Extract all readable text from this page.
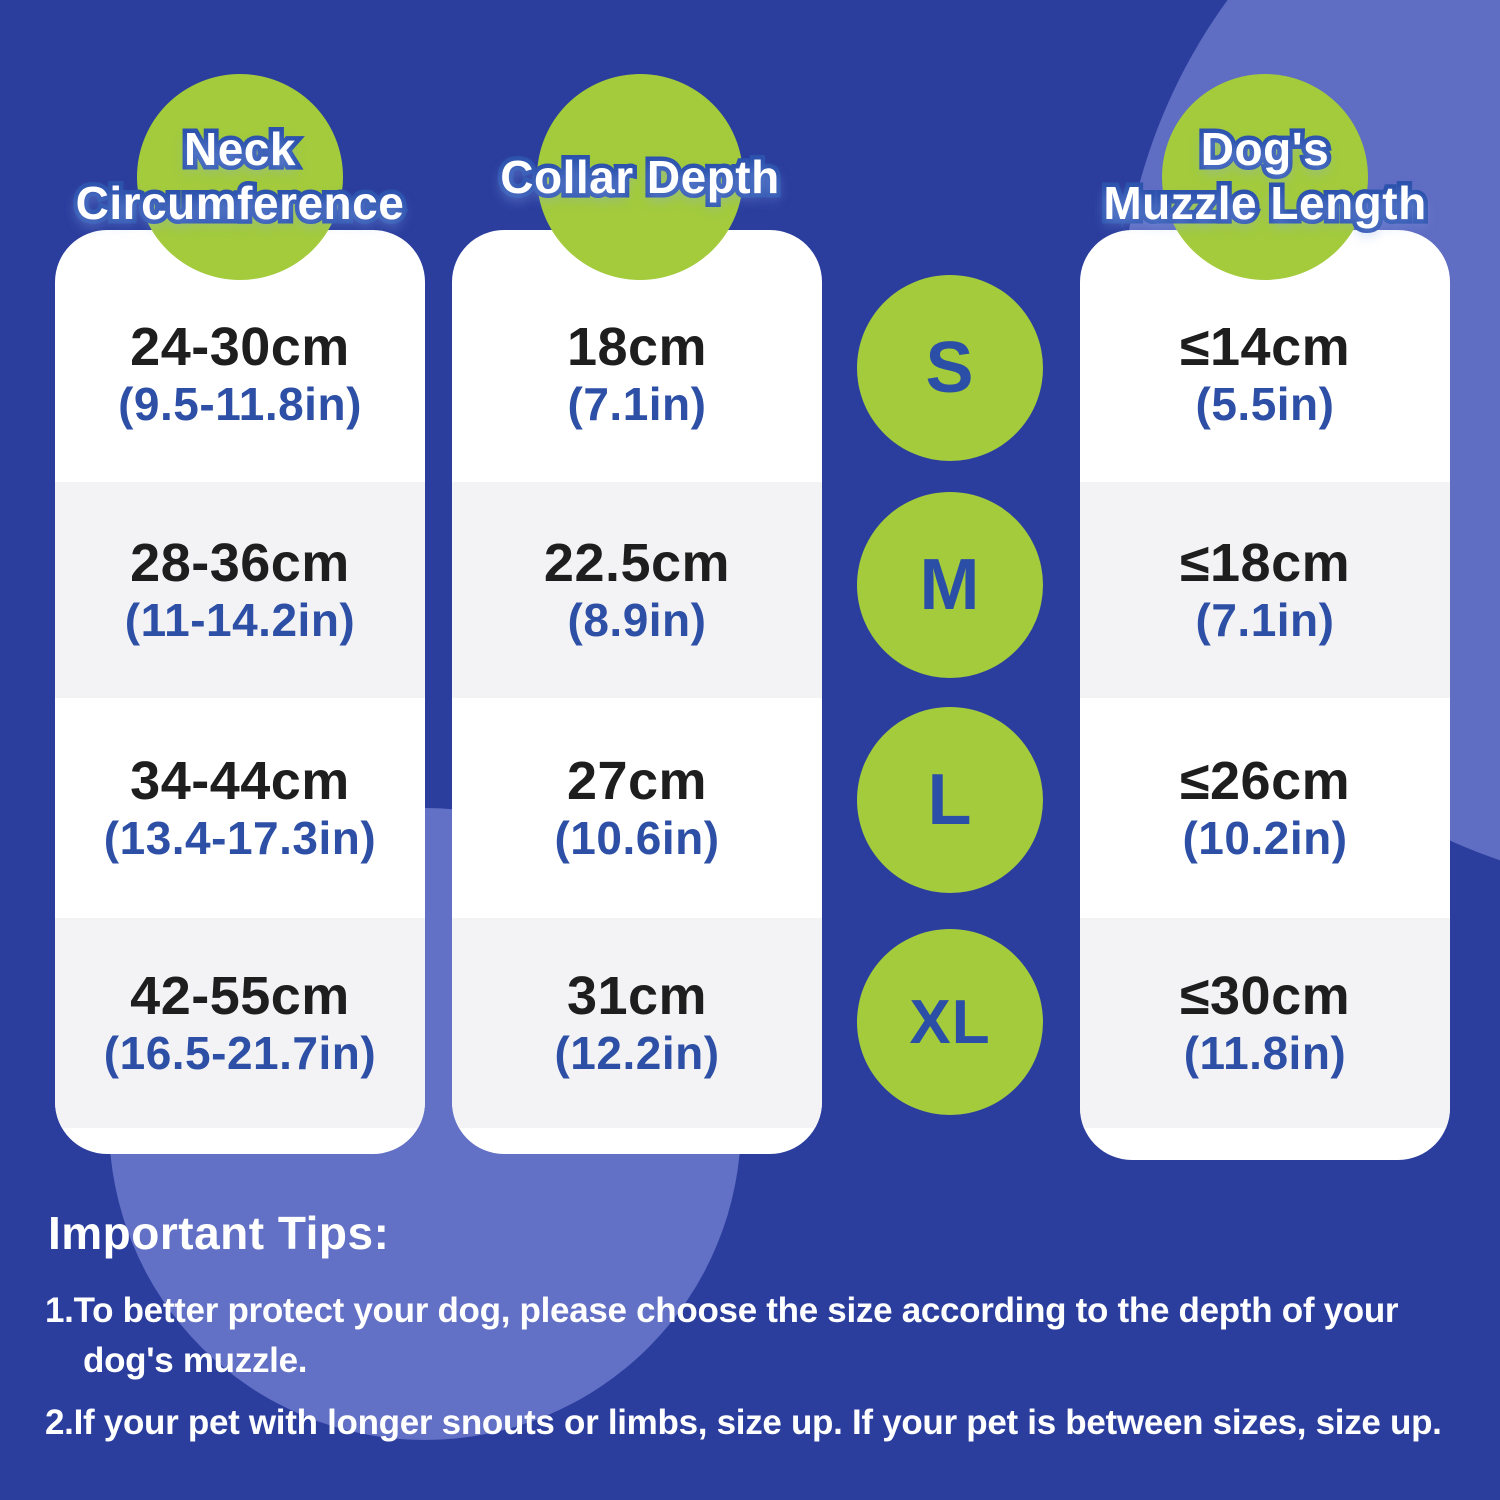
24-30cm
(9.5-11.8in)
28-36cm
(11-14.2in)
34-44cm
(13.4-17.3in)
42-55cm
(16.5-21.7in)
18cm
(7.1in)
22.5cm
(8.9in)
27cm
(10.6in)
31cm
(12.2in)
≤14cm
(5.5in)
≤18cm
(7.1in)
≤26cm
(10.2in)
≤30cm
(11.8in)
Neck
Circumference Collar Depth
Dog's
Muzzle Length
S
M
L
XL
Important Tips:
1.To better protect your dog, please choose the size according to the depth of your
dog's muzzle.
2.If your pet with longer snouts or limbs, size up. If your pet is between sizes, size up.
